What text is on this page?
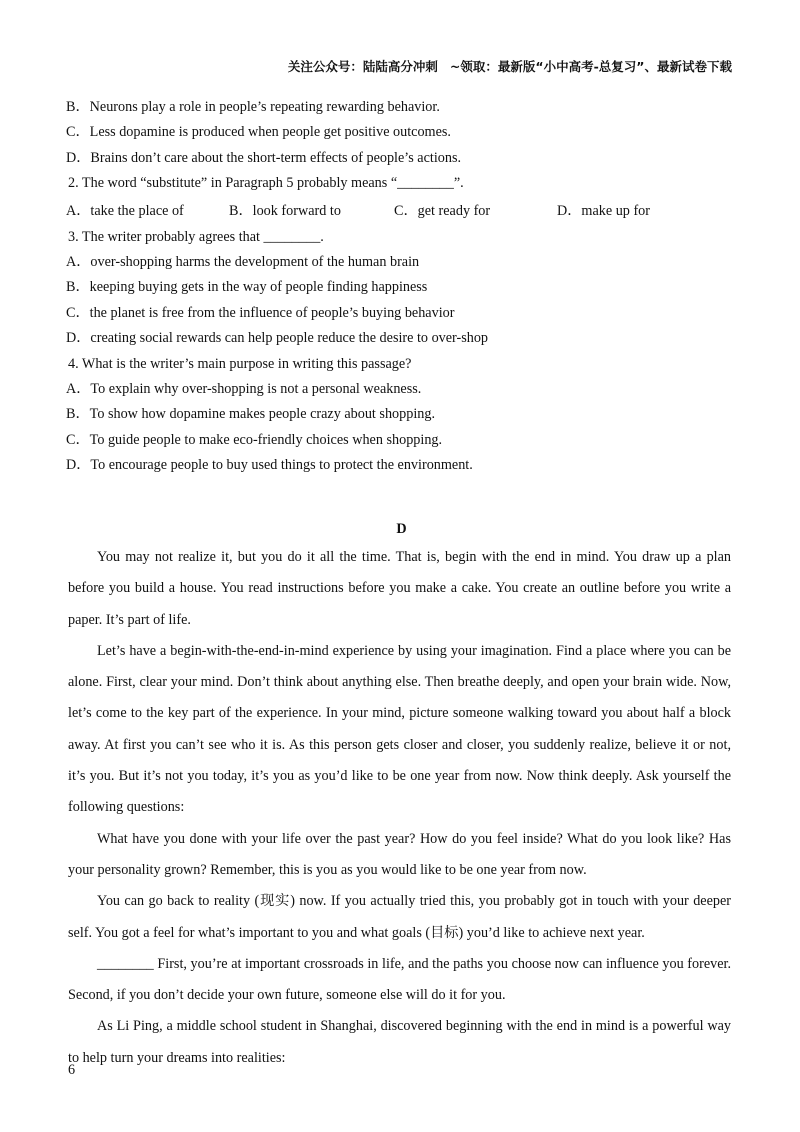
关注公众号：陆陆高分冲刺 ~领取：最新版“小中高考-总复习”、最新试卷下载
B．Neurons play a role in people’s repeating rewarding behavior.
C．Less dopamine is produced when people get positive outcomes.
D．Brains don’t care about the short-term effects of people’s actions.
2. The word “substitute” in Paragraph 5 probably means “________”.
A．take the place of	B．look forward to	C．get ready for	D．make up for
3. The writer probably agrees that ________.
A．over-shopping harms the development of the human brain
B．keeping buying gets in the way of people finding happiness
C．the planet is free from the influence of people’s buying behavior
D．creating social rewards can help people reduce the desire to over-shop
4. What is the writer’s main purpose in writing this passage?
A．To explain why over-shopping is not a personal weakness.
B．To show how dopamine makes people crazy about shopping.
C．To guide people to make eco-friendly choices when shopping.
D．To encourage people to buy used things to protect the environment.
D

You may not realize it, but you do it all the time. That is, begin with the end in mind. You draw up a plan before you build a house. You read instructions before you make a cake. You create an outline before you write a paper. It’s part of life.

Let’s have a begin-with-the-end-in-mind experience by using your imagination. Find a place where you can be alone. First, clear your mind. Don’t think about anything else. Then breathe deeply, and open your brain wide. Now, let’s come to the key part of the experience. In your mind, picture someone walking toward you about half a block away. At first you can’t see who it is. As this person gets closer and closer, you suddenly realize, believe it or not, it’s you. But it’s not you today, it’s you as you’d like to be one year from now. Now think deeply. Ask yourself the following questions:

What have you done with your life over the past year? How do you feel inside? What do you look like? Has your personality grown? Remember, this is you as you would like to be one year from now.

You can go back to reality (现实) now. If you actually tried this, you probably got in touch with your deeper self. You got a feel for what’s important to you and what goals (目标) you’d like to achieve next year.

________ First, you’re at important crossroads in life, and the paths you choose now can influence you forever. Second, if you don’t decide your own future, someone else will do it for you.

As Li Ping, a middle school student in Shanghai, discovered beginning with the end in mind is a powerful way to help turn your dreams into realities:

6
